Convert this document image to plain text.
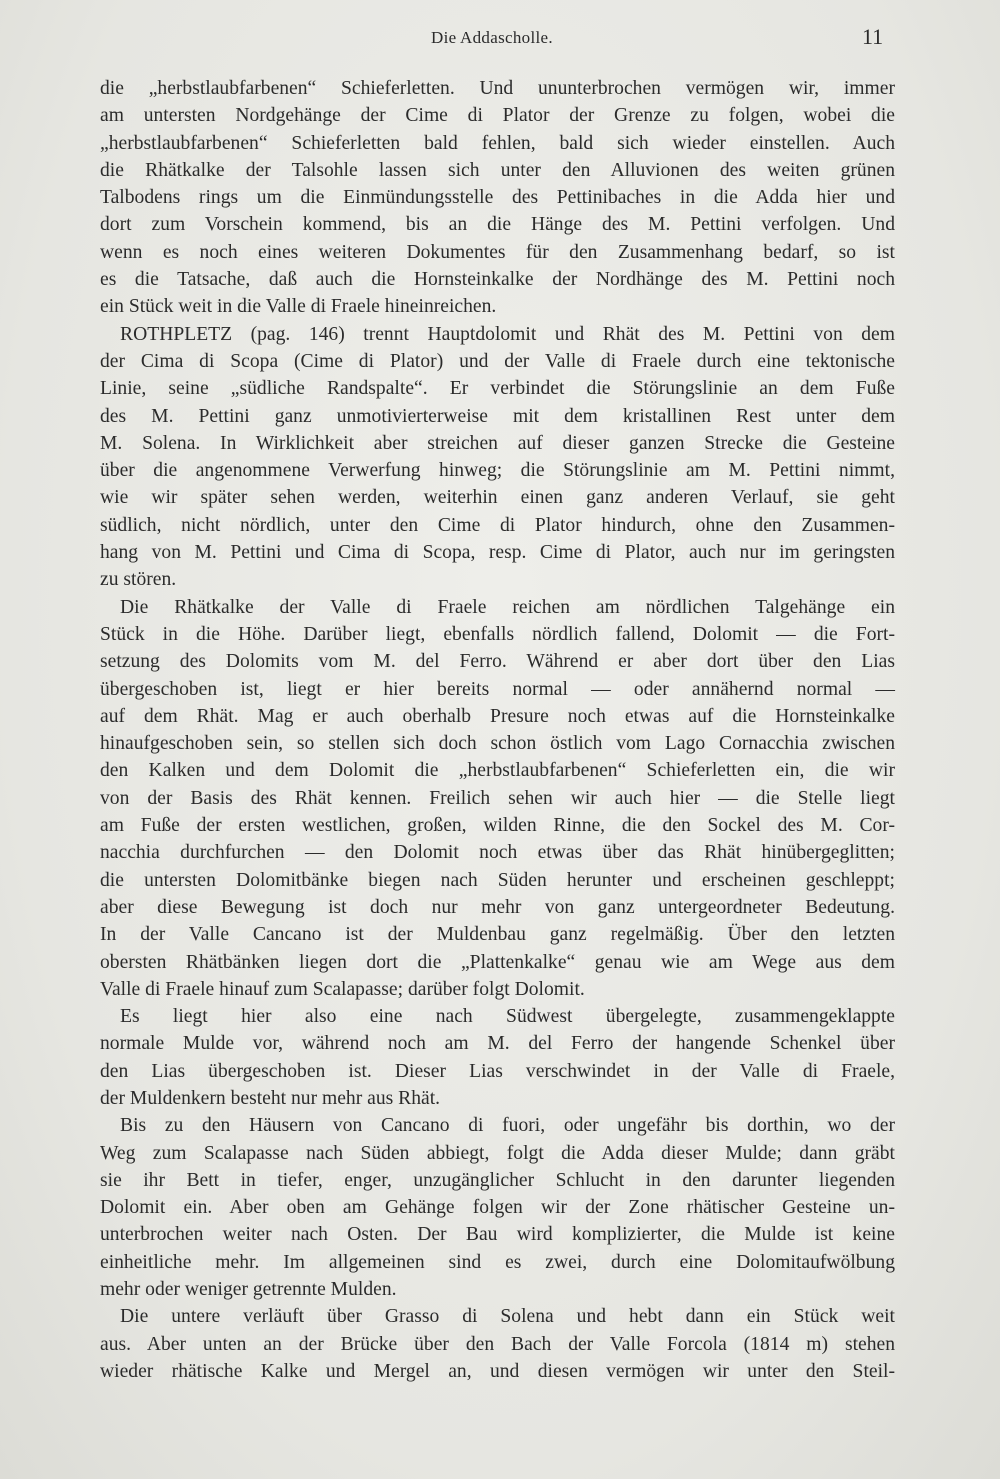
Die Addascholle.	11
die „herbstlaubfarbenen“ Schieferletten. Und ununterbrochen vermögen wir, immer
am untersten Nordgehänge der Cime di Plator der Grenze zu folgen, wobei die
„herbstlaubfarbenen“ Schieferletten bald fehlen, bald sich wieder einstellen. Auch
die Rhätkalke der Talsohle lassen sich unter den Alluvionen des weiten grünen
Talbodens rings um die Einmündungsstelle des Pettinibaches in die Adda hier und
dort zum Vorschein kommend, bis an die Hänge des M. Pettini verfolgen. Und
wenn es noch eines weiteren Dokumentes für den Zusammenhang bedarf, so ist
es die Tatsache, daß auch die Hornsteinkalke der Nordhänge des M. Pettini noch
ein Stück weit in die Valle di Fraele hineinreichen.
ROTHPLETZ (pag. 146) trennt Hauptdolomit und Rhät des M. Pettini von dem
der Cima di Scopa (Cime di Plator) und der Valle di Fraele durch eine tektonische
Linie, seine „südliche Randspalte“. Er verbindet die Störungslinie an dem Fuße
des M. Pettini ganz unmotivierterweise mit dem kristallinen Rest unter dem
M. Solena. In Wirklichkeit aber streichen auf dieser ganzen Strecke die Gesteine
über die angenommene Verwerfung hinweg; die Störungslinie am M. Pettini nimmt,
wie wir später sehen werden, weiterhin einen ganz anderen Verlauf, sie geht
südlich, nicht nördlich, unter den Cime di Plator hindurch, ohne den Zusammen-
hang von M. Pettini und Cima di Scopa, resp. Cime di Plator, auch nur im geringsten
zu stören.
Die Rhätkalke der Valle di Fraele reichen am nördlichen Talgehänge ein
Stück in die Höhe. Darüber liegt, ebenfalls nördlich fallend, Dolomit — die Fort-
setzung des Dolomits vom M. del Ferro. Während er aber dort über den Lias
übergeschoben ist, liegt er hier bereits normal — oder annähernd normal —
auf dem Rhät. Mag er auch oberhalb Presure noch etwas auf die Hornsteinkalke
hinaufgeschoben sein, so stellen sich doch schon östlich vom Lago Cornacchia zwischen
den Kalken und dem Dolomit die „herbstlaubfarbenen“ Schieferletten ein, die wir
von der Basis des Rhät kennen. Freilich sehen wir auch hier — die Stelle liegt
am Fuße der ersten westlichen, großen, wilden Rinne, die den Sockel des M. Cor-
nacchia durchfurchen — den Dolomit noch etwas über das Rhät hinübergeglitten;
die untersten Dolomitbänke biegen nach Süden herunter und erscheinen geschleppt;
aber diese Bewegung ist doch nur mehr von ganz untergeordneter Bedeutung.
In der Valle Cancano ist der Muldenbau ganz regelmäßig. Über den letzten
obersten Rhätbänken liegen dort die „Plattenkalke“ genau wie am Wege aus dem
Valle di Fraele hinauf zum Scalapasse; darüber folgt Dolomit.
Es liegt hier also eine nach Südwest übergelegte, zusammengeklappte
normale Mulde vor, während noch am M. del Ferro der hangende Schenkel über
den Lias übergeschoben ist. Dieser Lias verschwindet in der Valle di Fraele,
der Muldenkern besteht nur mehr aus Rhät.
Bis zu den Häusern von Cancano di fuori, oder ungefähr bis dorthin, wo der
Weg zum Scalapasse nach Süden abbiegt, folgt die Adda dieser Mulde; dann gräbt
sie ihr Bett in tiefer, enger, unzugänglicher Schlucht in den darunter liegenden
Dolomit ein. Aber oben am Gehänge folgen wir der Zone rhätischer Gesteine un-
unterbrochen weiter nach Osten. Der Bau wird komplizierter, die Mulde ist keine
einheitliche mehr. Im allgemeinen sind es zwei, durch eine Dolomitaufwölbung
mehr oder weniger getrennte Mulden.
Die untere verläuft über Grasso di Solena und hebt dann ein Stück weit
aus. Aber unten an der Brücke über den Bach der Valle Forcola (1814 m) stehen
wieder rhätische Kalke und Mergel an, und diesen vermögen wir unter den Steil-
